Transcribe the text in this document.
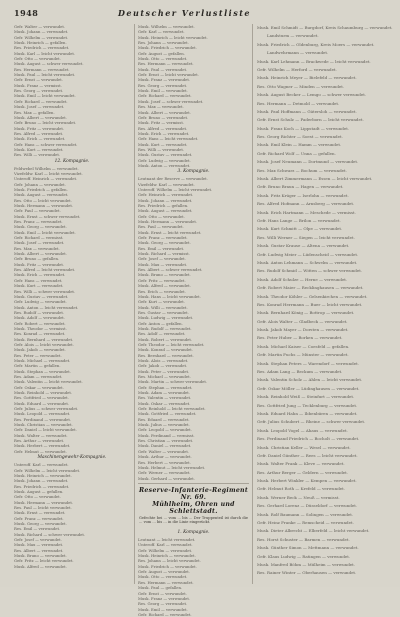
1948	Deutscher Verlustliste
Gefr. Walter — verwundet.
Musk. Johann — verwundet.
Gefr. Wilhelm — verwundet.
Musk. Heinrich — gefallen.
Res. Friedrich — verwundet.
Musk. Karl — leicht verwundet.
Gefr. Otto — verwundet.
Musk. August — schwer verwundet.
Res. Hermann — verwundet.
Musk. Paul — leicht verwundet.
Gefr. Ernst — verwundet.
Musk. Franz — vermisst.
Res. Georg — verwundet.
Musk. Emil — leicht verwundet.
Gefr. Richard — verwundet.
Musk. Josef — verwundet.
Res. Max — gefallen.
Musk. Albert — verwundet.
Gefr. Bruno — leicht verwundet.
Musk. Fritz — verwundet.
Res. Alfred — verwundet.
Musk. Erich — verwundet.
Gefr. Hans — schwer verwundet.
Musk. Kurt — verwundet.
Res. Willi — verwundet.
12. Kompagnie.
Feldwebel Wilhelm — verwundet.
Vizefeldw. Karl — leicht verwundet.
Unteroff. Heinrich — verwundet.
Gefr. Johann — verwundet.
Musk. Friedrich — gefallen.
Musk. August — verwundet.
Res. Otto — leicht verwundet.
Musk. Hermann — verwundet.
Gefr. Paul — verwundet.
Musk. Ernst — schwer verwundet.
Res. Franz — verwundet.
Musk. Georg — verwundet.
Musk. Emil — leicht verwundet.
Gefr. Richard — vermisst.
Musk. Josef — verwundet.
Res. Max — verwundet.
Musk. Albert — verwundet.
Gefr. Bruno — gefallen.
Musk. Fritz — verwundet.
Res. Alfred — leicht verwundet.
Musk. Erich — verwundet.
Gefr. Hans — verwundet.
Musk. Kurt — verwundet.
Res. Willi — schwer verwundet.
Musk. Gustav — verwundet.
Gefr. Ludwig — verwundet.
Musk. Anton — leicht verwundet.
Res. Rudolf — verwundet.
Musk. Adolf — verwundet.
Gefr. Robert — verwundet.
Musk. Theodor — vermisst.
Res. Konrad — verwundet.
Musk. Bernhard — verwundet.
Gefr. Alois — leicht verwundet.
Musk. Jakob — verwundet.
Res. Peter — verwundet.
Musk. Michael — verwundet.
Gefr. Martin — gefallen.
Musk. Stephan — verwundet.
Res. Adam — verwundet.
Musk. Valentin — leicht verwundet.
Gefr. Oskar — verwundet.
Musk. Reinhold — verwundet.
Res. Gottfried — verwundet.
Musk. Eduard — verwundet.
Gefr. Julius — schwer verwundet.
Musk. Leopold — verwundet.
Res. Ferdinand — verwundet.
Musk. Christian — verwundet.
Gefr. Daniel — leicht verwundet.
Musk. Walter — verwundet.
Res. Arthur — verwundet.
Musk. Herbert — verwundet.
Gefr. Helmut — verwundet.
Maschinengewehr-Kompagnie.
Unteroff. Karl — verwundet.
Gefr. Wilhelm — leicht verwundet.
Musk. Heinrich — verwundet.
Musk. Johann — verwundet.
Res. Friedrich — verwundet.
Musk. August — gefallen.
Gefr. Otto — verwundet.
Musk. Hermann — verwundet.
Res. Paul — leicht verwundet.
Musk. Ernst — verwundet.
Gefr. Franz — verwundet.
Musk. Georg — verwundet.
Res. Emil — verwundet.
Musk. Richard — schwer verwundet.
Gefr. Josef — verwundet.
Musk. Max — verwundet.
Res. Albert — verwundet.
Musk. Bruno — verwundet.
Gefr. Fritz — leicht verwundet.
Musk. Alfred — verwundet.
Musk. Wilhelm — verwundet.
Gefr. Karl — verwundet.
Musk. Heinrich — leicht verwundet.
Res. Johann — verwundet.
Musk. Friedrich — verwundet.
Gefr. August — gefallen.
Musk. Otto — verwundet.
Res. Hermann — verwundet.
Musk. Paul — verwundet.
Gefr. Ernst — leicht verwundet.
Musk. Franz — verwundet.
Res. Georg — verwundet.
Musk. Emil — verwundet.
Gefr. Richard — verwundet.
Musk. Josef — schwer verwundet.
Res. Max — verwundet.
Musk. Albert — verwundet.
Gefr. Bruno — verwundet.
Musk. Fritz — vermisst.
Res. Alfred — verwundet.
Musk. Erich — verwundet.
Gefr. Hans — leicht verwundet.
Musk. Kurt — verwundet.
Res. Willi — verwundet.
Musk. Gustav — verwundet.
Gefr. Ludwig — verwundet.
Musk. Anton — verwundet.
3. Kompagnie.
Leutnant der Reserve — verwundet.
Vizefeldw. Karl — verwundet.
Unteroff. Wilhelm — leicht verwundet.
Gefr. Heinrich — verwundet.
Musk. Johann — verwundet.
Res. Friedrich — gefallen.
Musk. August — verwundet.
Gefr. Otto — verwundet.
Musk. Hermann — verwundet.
Res. Paul — verwundet.
Musk. Ernst — leicht verwundet.
Gefr. Franz — verwundet.
Musk. Georg — verwundet.
Res. Emil — verwundet.
Musk. Richard — vermisst.
Gefr. Josef — verwundet.
Musk. Max — verwundet.
Res. Albert — schwer verwundet.
Musk. Bruno — verwundet.
Gefr. Fritz — verwundet.
Musk. Alfred — verwundet.
Res. Erich — verwundet.
Musk. Hans — leicht verwundet.
Gefr. Kurt — verwundet.
Musk. Willi — verwundet.
Res. Gustav — verwundet.
Musk. Ludwig — verwundet.
Gefr. Anton — gefallen.
Musk. Rudolf — verwundet.
Res. Adolf — verwundet.
Musk. Robert — verwundet.
Gefr. Theodor — leicht verwundet.
Musk. Konrad — verwundet.
Res. Bernhard — verwundet.
Musk. Alois — verwundet.
Gefr. Jakob — verwundet.
Musk. Peter — verwundet.
Res. Michael — verwundet.
Musk. Martin — schwer verwundet.
Gefr. Stephan — verwundet.
Musk. Adam — verwundet.
Res. Valentin — verwundet.
Musk. Oskar — verwundet.
Gefr. Reinhold — leicht verwundet.
Musk. Gottfried — verwundet.
Res. Eduard — verwundet.
Musk. Julius — verwundet.
Gefr. Leopold — verwundet.
Musk. Ferdinand — vermisst.
Res. Christian — verwundet.
Musk. Daniel — verwundet.
Gefr. Walter — verwundet.
Musk. Arthur — verwundet.
Res. Herbert — verwundet.
Musk. Helmut — leicht verwundet.
Gefr. Werner — verwundet.
Musk. Gerhard — verwundet.
Reserve-Infanterie-Regiment Nr. 69.
Mühlheim, Ohren und Schlettstadt.
Gefechte bei ... vom ... bis ... Der Truppenteil ist durch die ... vom ... bis ... in die Linie eingerückt.
1. Kompagnie.
Leutnant — leicht verwundet.
Unteroff. Karl — verwundet.
Gefr. Wilhelm — verwundet.
Musk. Heinrich — verwundet.
Res. Johann — leicht verwundet.
Musk. Friedrich — verwundet.
Gefr. August — verwundet.
Musk. Otto — verwundet.
Res. Hermann — verwundet.
Musk. Paul — gefallen.
Gefr. Ernst — verwundet.
Musk. Franz — verwundet.
Res. Georg — verwundet.
Musk. Emil — verwundet.
Gefr. Richard — verwundet.
Musk. Emil Schmidt — Burgdorf, Kreis Schaumburg — verwundet.
Landsturm — verwundet.
Musk. Friedrich — Oldenburg, Kreis Moers — verwundet.
Landwehrmann — verwundet.
Musk. Karl Lehmann — Brackwede — leicht verwundet.
Gefr. Wilhelm — Herford — verwundet.
Musk. Heinrich Meyer — Bielefeld — verwundet.
Res. Otto Wagner — Minden — verwundet.
Musk. August Becker — Lemgo — schwer verwundet.
Res. Hermann — Detmold — verwundet.
Musk. Paul Hoffmann — Gütersloh — verwundet.
Gefr. Ernst Schulz — Paderborn — leicht verwundet.
Musk. Franz Koch — Lippstadt — verwundet.
Res. Georg Richter — Soest — verwundet.
Musk. Emil Klein — Hamm — verwundet.
Gefr. Richard Wolf — Unna — gefallen.
Musk. Josef Neumann — Dortmund — verwundet.
Res. Max Schwarz — Bochum — verwundet.
Musk. Albert Zimmermann — Essen — leicht verwundet.
Gefr. Bruno Braun — Hagen — verwundet.
Musk. Fritz Krüger — Iserlohn — verwundet.
Res. Alfred Hofmann — Arnsberg — verwundet.
Musk. Erich Hartmann — Meschede — vermisst.
Gefr. Hans Lange — Brilon — verwundet.
Musk. Kurt Schmitt — Olpe — verwundet.
Res. Willi Werner — Siegen — leicht verwundet.
Musk. Gustav Krause — Altena — verwundet.
Gefr. Ludwig Meier — Lüdenscheid — verwundet.
Musk. Anton Lehmann — Schwelm — verwundet.
Res. Rudolf Schmid — Witten — schwer verwundet.
Musk. Adolf Schulze — Herne — verwundet.
Gefr. Robert Maier — Recklinghausen — verwundet.
Musk. Theodor Köhler — Gelsenkirchen — verwundet.
Res. Konrad Herrmann — Buer — leicht verwundet.
Musk. Bernhard König — Bottrop — verwundet.
Gefr. Alois Walter — Gladbeck — verwundet.
Musk. Jakob Mayer — Dorsten — verwundet.
Res. Peter Huber — Borken — verwundet.
Musk. Michael Kaiser — Coesfeld — gefallen.
Gefr. Martin Fuchs — Münster — verwundet.
Musk. Stephan Peters — Warendorf — verwundet.
Res. Adam Lang — Beckum — verwundet.
Musk. Valentin Scholz — Ahlen — leicht verwundet.
Gefr. Oskar Möller — Lüdinghausen — verwundet.
Musk. Reinhold Weiß — Steinfurt — verwundet.
Res. Gottfried Jung — Tecklenburg — verwundet.
Musk. Eduard Hahn — Ibbenbüren — verwundet.
Gefr. Julius Schubert — Rheine — schwer verwundet.
Musk. Leopold Vogel — Ahaus — verwundet.
Res. Ferdinand Friedrich — Bocholt — verwundet.
Musk. Christian Keller — Wesel — verwundet.
Gefr. Daniel Günther — Rees — leicht verwundet.
Musk. Walter Frank — Kleve — verwundet.
Res. Arthur Berger — Geldern — verwundet.
Musk. Herbert Winkler — Kempen — verwundet.
Gefr. Helmut Roth — Krefeld — verwundet.
Musk. Werner Beck — Neuß — vermisst.
Res. Gerhard Lorenz — Düsseldorf — verwundet.
Musk. Rolf Baumann — Solingen — verwundet.
Gefr. Heinz Franke — Remscheid — verwundet.
Musk. Dieter Albrecht — Elberfeld — leicht verwundet.
Res. Horst Schuster — Barmen — verwundet.
Musk. Günther Simon — Mettmann — verwundet.
Gefr. Klaus Ludwig — Ratingen — verwundet.
Musk. Manfred Böhm — Mülheim — verwundet.
Res. Rainer Winter — Oberhausen — verwundet.
